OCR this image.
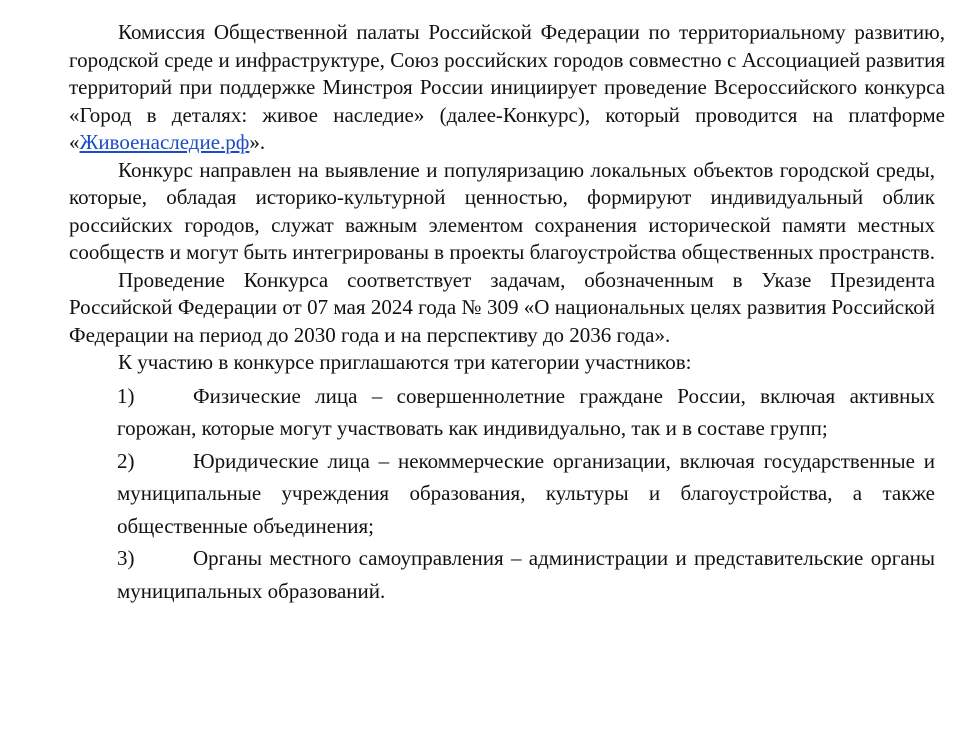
Комиссия Общественной палаты Российской Федерации по территориальному развитию, городской среде и инфраструктуре, Союз российских городов совместно с Ассоциацией развития территорий при поддержке Минстроя России инициирует проведение Всероссийского конкурса «Город в деталях: живое наследие» (далее-Конкурс), который проводится на платформе «Живоенаследие.рф».

Конкурс направлен на выявление и популяризацию локальных объектов городской среды, которые, обладая историко-культурной ценностью, формируют индивидуальный облик российских городов, служат важным элементом сохранения исторической памяти местных сообществ и могут быть интегрированы в проекты благоустройства общественных пространств.

Проведение Конкурса соответствует задачам, обозначенным в Указе Президента Российской Федерации от 07 мая 2024 года № 309 «О национальных целях развития Российской Федерации на период до 2030 года и на перспективу до 2036 года».

К участию в конкурсе приглашаются три категории участников:

1)	Физические лица – совершеннолетние граждане России, включая активных горожан, которые могут участвовать как индивидуально, так и в составе групп;

2)	Юридические лица – некоммерческие организации, включая государственные и муниципальные учреждения образования, культуры и благоустройства, а также общественные объединения;

3)	Органы местного самоуправления – администрации и представительские органы муниципальных образований.
